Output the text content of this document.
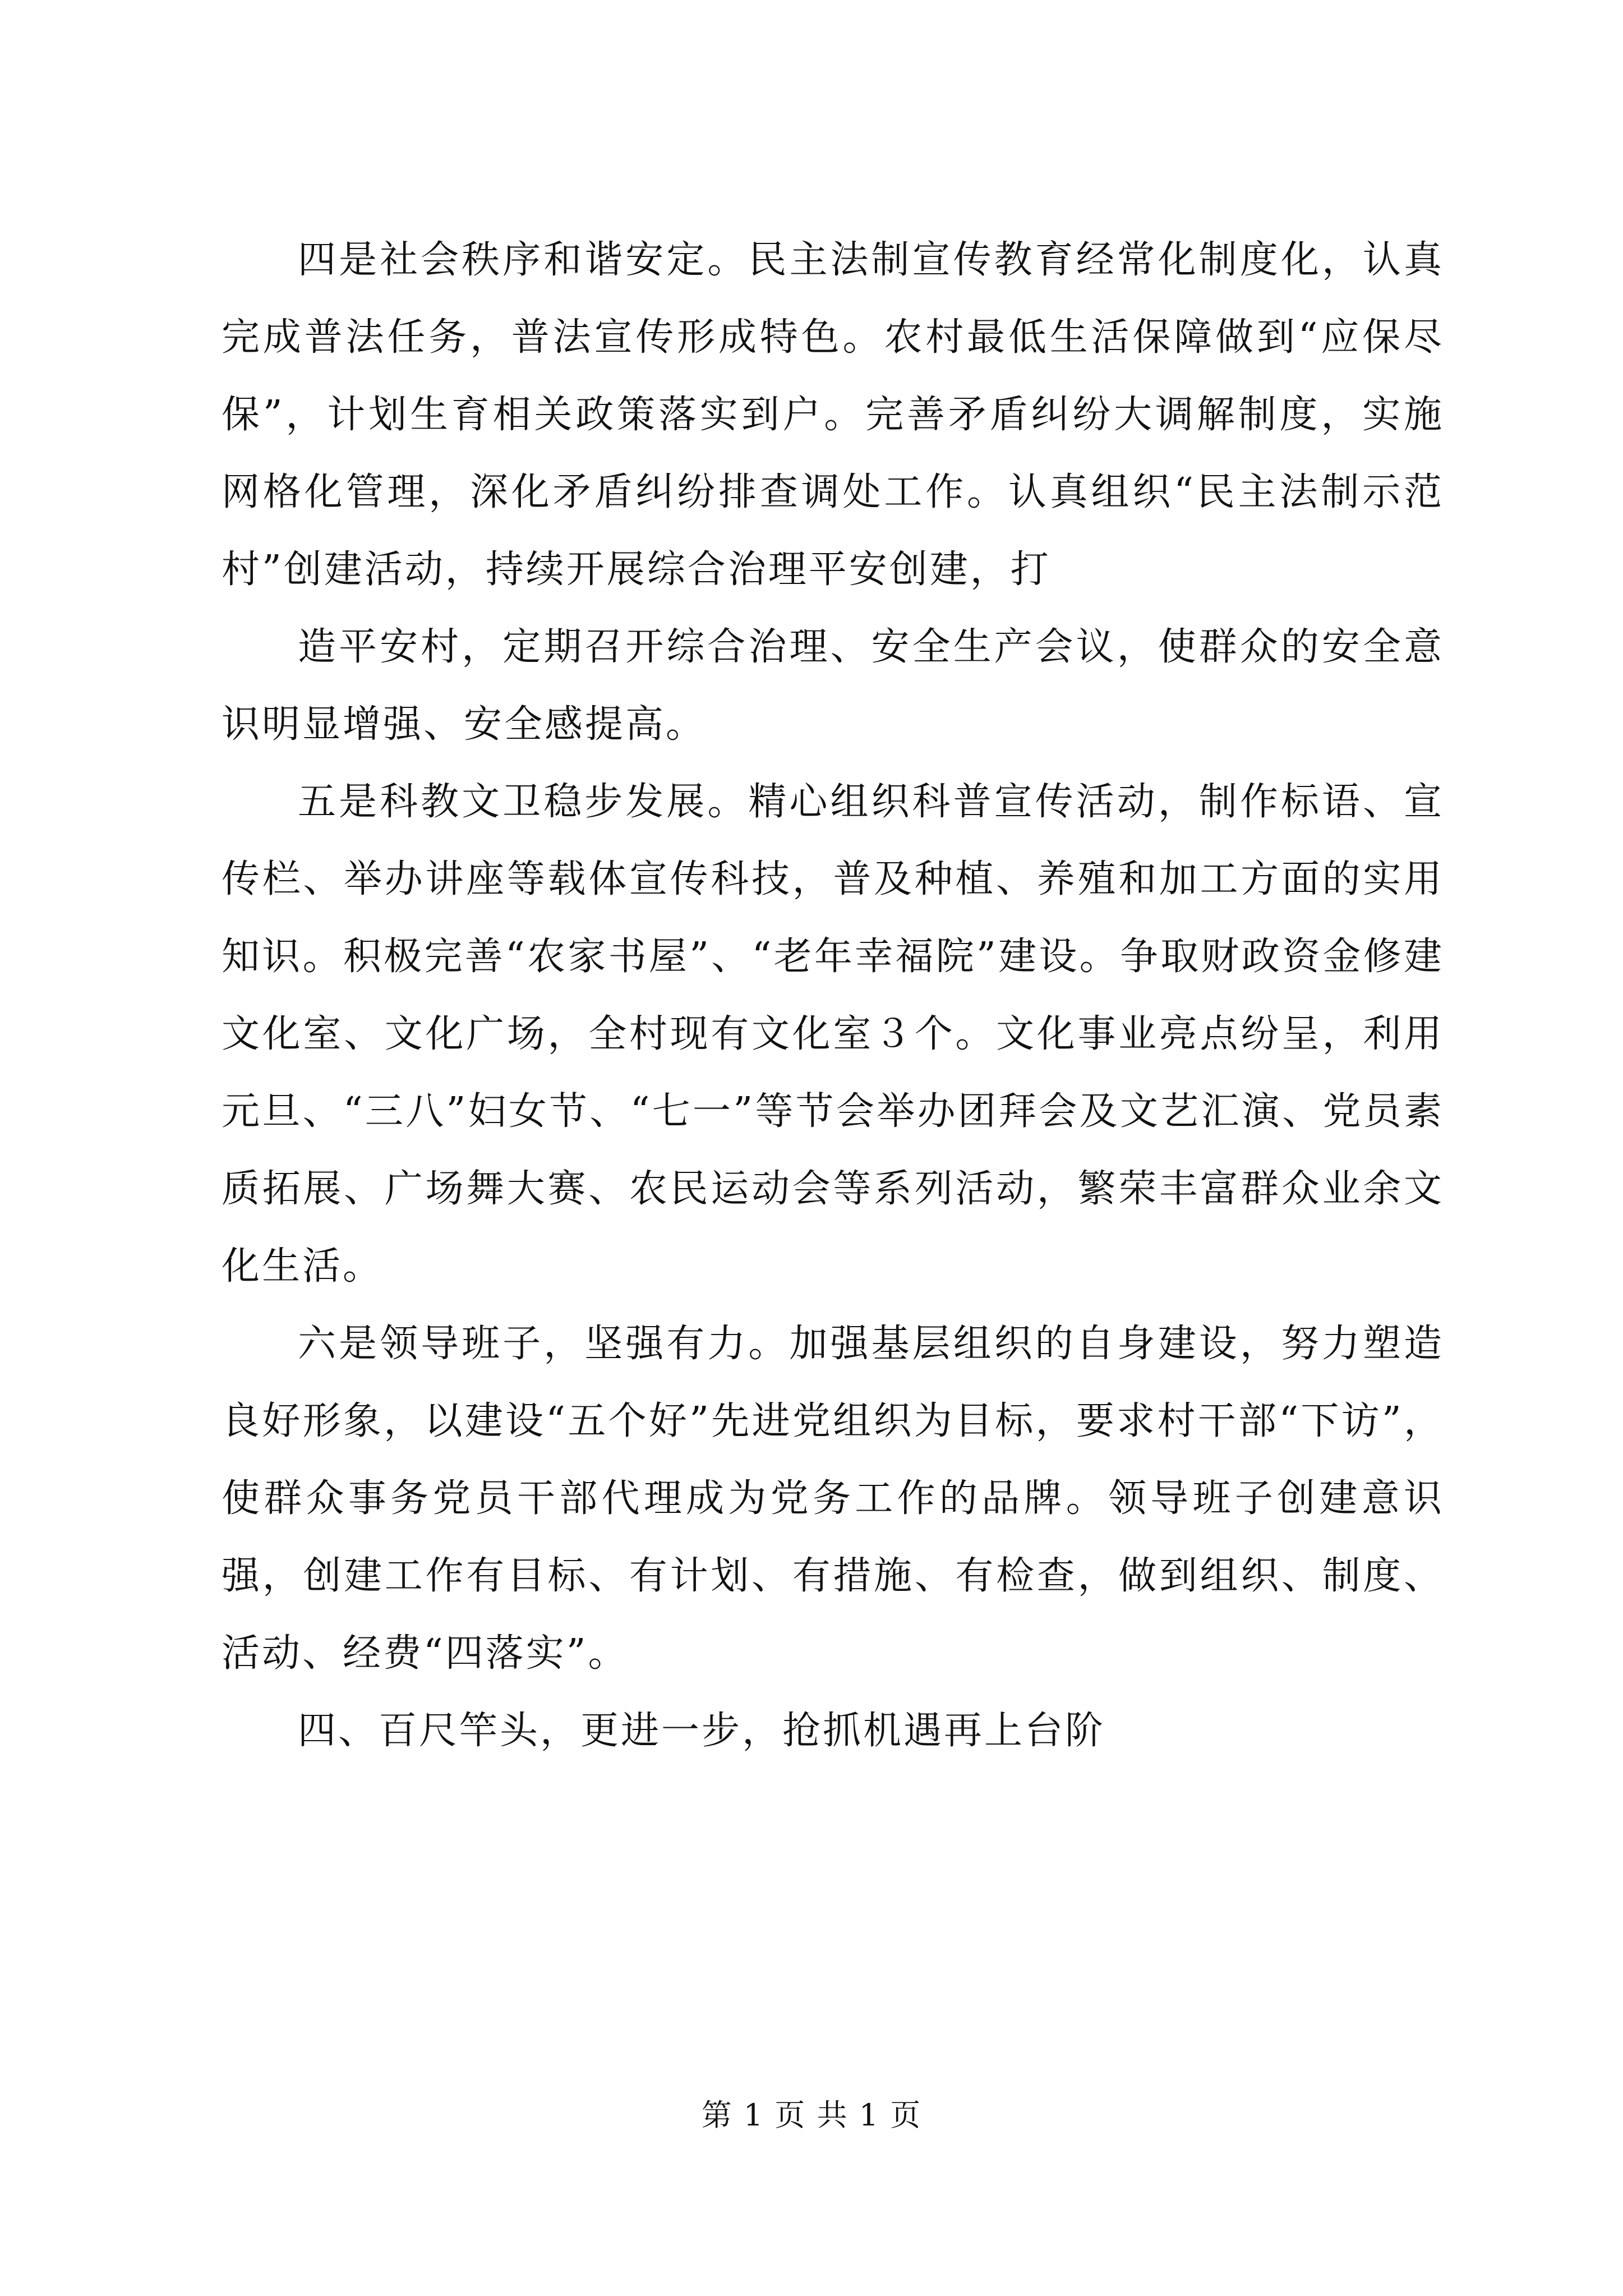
四是社会秩序和谐安定。民主法制宣传教育经常化制度化，认真完成普法任务，普法宣传形成特色。农村最低生活保障做到“应保尽保”，计划生育相关政策落实到户。完善矛盾纠纷大调解制度，实施网格化管理，深化矛盾纠纷排查调处工作。认真组织“民主法制示范村”创建活动，持续开展综合治理平安创建，打

造平安村，定期召开综合治理、安全生产会议，使群众的安全意识明显增强、安全感提高。

五是科教文卫稳步发展。精心组织科普宣传活动，制作标语、宣传栏、举办讲座等载体宣传科技，普及种植、养殖和加工方面的实用知识。积极完善“农家书屋”、“老年幸福院”建设。争取财政资金修建文化室、文化广场，全村现有文化室３个。文化事业亮点纷呈，利用元旦、“三八”妇女节、“七一”等节会举办团拜会及文艺汇演、党员素质拓展、广场舞大赛、农民运动会等系列活动，繁荣丰富群众业余文化生活。

六是领导班子，坚强有力。加强基层组织的自身建设，努力塑造良好形象，以建设“五个好”先进党组织为目标，要求村干部“下访”，使群众事务党员干部代理成为党务工作的品牌。领导班子创建意识强，创建工作有目标、有计划、有措施、有检查，做到组织、制度、活动、经费“四落实”。

四、百尺竿头，更进一步，抢抓机遇再上台阶

第 1 页 共 1 页
